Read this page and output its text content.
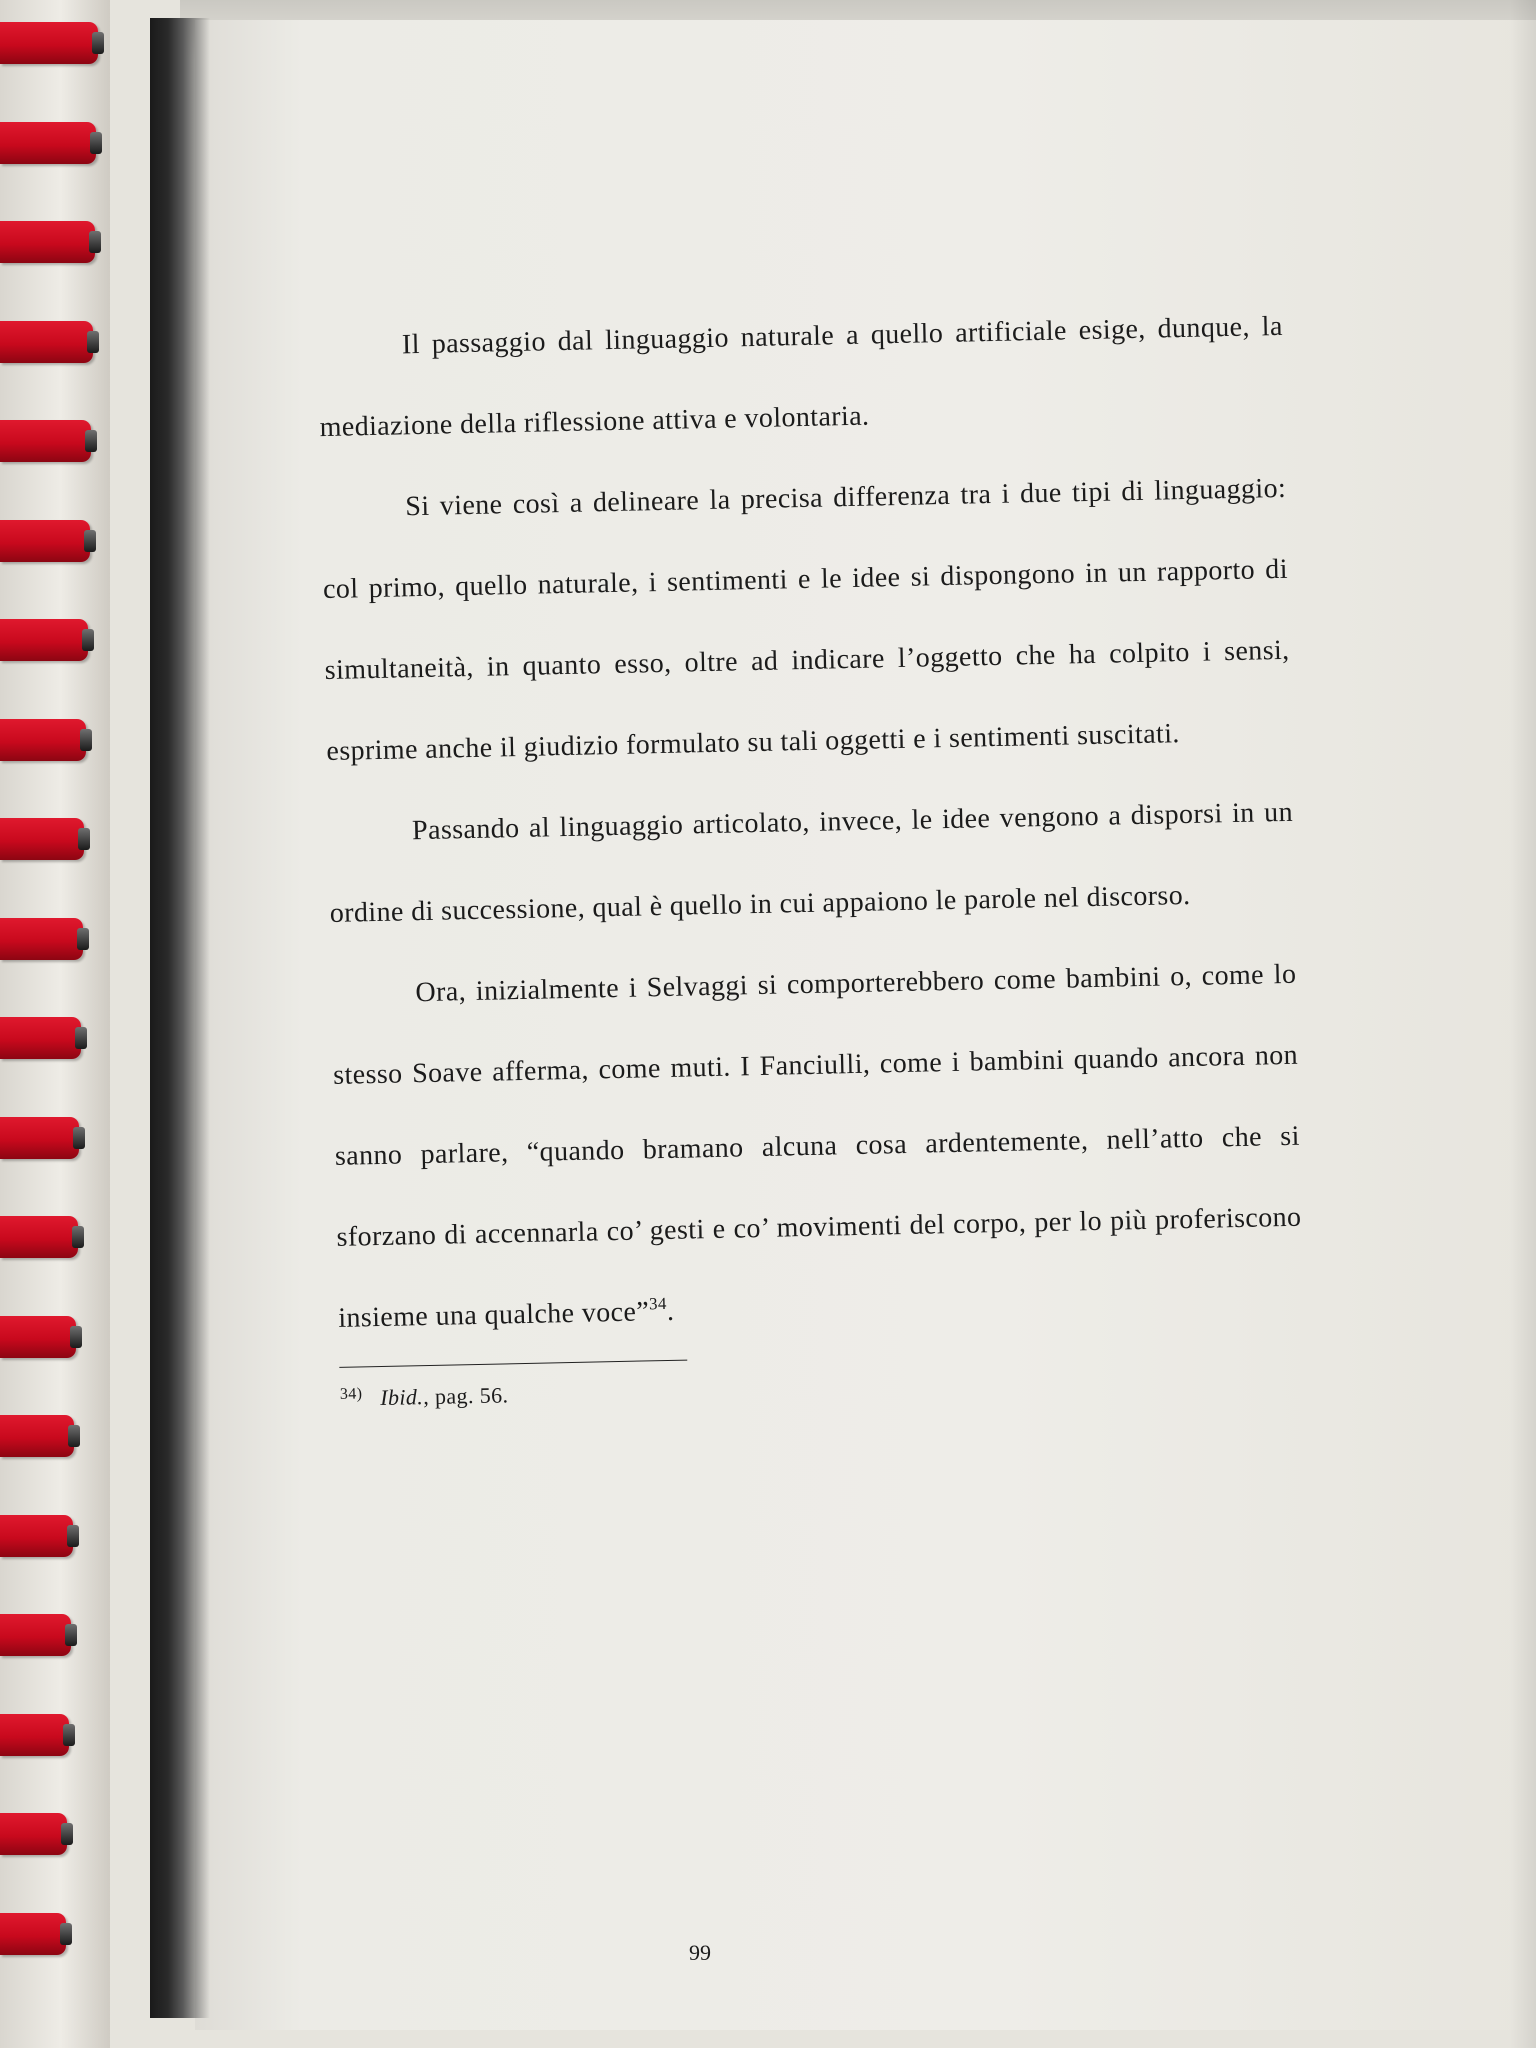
Il passaggio dal linguaggio naturale a quello artificiale esige, dunque, la mediazione della riflessione attiva e volontaria.

Si viene così a delineare la precisa differenza tra i due tipi di linguaggio: col primo, quello naturale, i sentimenti e le idee si dispongono in un rapporto di simultaneità, in quanto esso, oltre ad indicare l’oggetto che ha colpito i sensi, esprime anche il giudizio formulato su tali oggetti e i sentimenti suscitati.

Passando al linguaggio articolato, invece, le idee vengono a disporsi in un ordine di successione, qual è quello in cui appaiono le parole nel discorso.

Ora, inizialmente i Selvaggi si comporterebbero come bambini o, come lo stesso Soave afferma, come muti. I Fanciulli, come i bambini quando ancora non sanno parlare, “quando bramano alcuna cosa ardentemente, nell’atto che si sforzano di accennarla co’ gesti e co’ movimenti del corpo, per lo più proferiscono insieme una qualche voce”$^{34}$.

$^{34)}$ Ibid., pag. 56.
99
